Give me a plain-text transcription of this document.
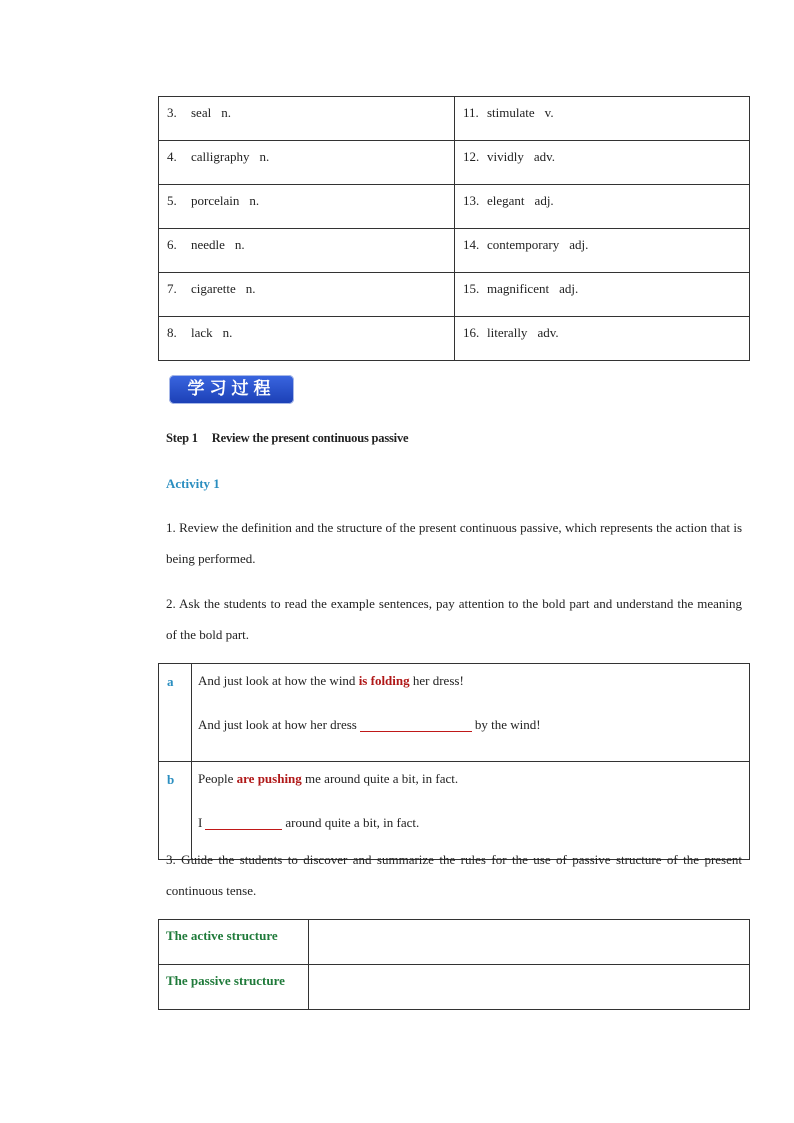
3. seal n.	11. stimulate v.
4. calligraphy n.	12. vividly adv.
5. porcelain n.	13. elegant adj.
6. needle n.	14. contemporary adj.
7. cigarette n.	15. magnificent adj.
8. lack n.	16. literally adv.
学习过程
Step 1 Review the present continuous passive
Activity 1
1. Review the definition and the structure of the present continuous passive, which represents the action that is being performed.
2. Ask the students to read the example sentences, pay attention to the bold part and understand the meaning of the bold part.
a	And just look at how the wind is folding her dress!
And just look at how her dress by the wind!

b	People are pushing me around quite a bit, in fact.
I around quite a bit, in fact.
3. Guide the students to discover and summarize the rules for the use of passive structure of the present continuous tense.
The active structure	
The passive structure	
